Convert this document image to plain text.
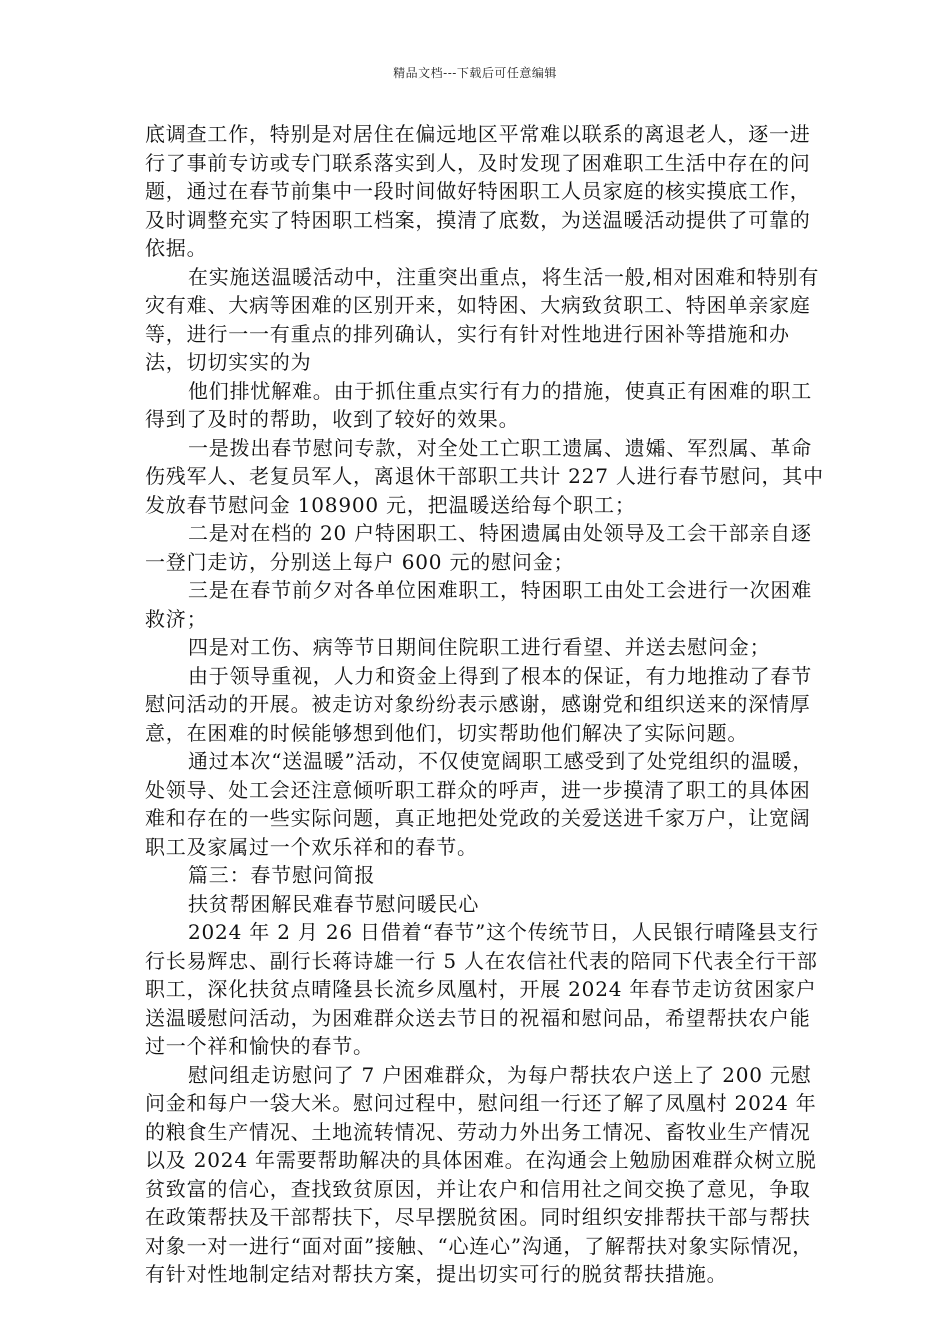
精品文档---下载后可任意编辑

底调查工作，特别是对居住在偏远地区平常难以联系的离退老人，逐一进行了事前专访或专门联系落实到人，及时发现了困难职工生活中存在的问题，通过在春节前集中一段时间做好特困职工人员家庭的核实摸底工作，及时调整充实了特困职工档案，摸清了底数，为送温暖活动提供了可靠的依据。

在实施送温暖活动中，注重突出重点，将生活一般,相对困难和特别有灾有难、大病等困难的区别开来，如特困、大病致贫职工、特困单亲家庭等，进行一一有重点的排列确认，实行有针对性地进行困补等措施和办法，切切实实的为

他们排忧解难。由于抓住重点实行有力的措施，使真正有困难的职工得到了及时的帮助，收到了较好的效果。

一是拨出春节慰问专款，对全处工亡职工遗属、遗孀、军烈属、革命伤残军人、老复员军人，离退休干部职工共计 227 人进行春节慰问，其中发放春节慰问金 108900 元，把温暖送给每个职工；

二是对在档的 20 户特困职工、特困遗属由处领导及工会干部亲自逐一登门走访，分别送上每户 600 元的慰问金；

三是在春节前夕对各单位困难职工，特困职工由处工会进行一次困难救济；

四是对工伤、病等节日期间住院职工进行看望、并送去慰问金；

由于领导重视，人力和资金上得到了根本的保证，有力地推动了春节慰问活动的开展。被走访对象纷纷表示感谢，感谢党和组织送来的深情厚意，在困难的时候能够想到他们，切实帮助他们解决了实际问题。

通过本次“送温暖”活动，不仅使宽阔职工感受到了处党组织的温暖，处领导、处工会还注意倾听职工群众的呼声，进一步摸清了职工的具体困难和存在的一些实际问题，真正地把处党政的关爱送进千家万户，让宽阔职工及家属过一个欢乐祥和的春节。

篇三：春节慰问简报

扶贫帮困解民难春节慰问暖民心

2024 年 2 月 26 日借着“春节”这个传统节日，人民银行晴隆县支行行长易辉忠、副行长蒋诗雄一行 5 人在农信社代表的陪同下代表全行干部职工，深化扶贫点晴隆县长流乡凤凰村，开展 2024 年春节走访贫困家户送温暖慰问活动，为困难群众送去节日的祝福和慰问品，希望帮扶农户能过一个祥和愉快的春节。

慰问组走访慰问了 7 户困难群众，为每户帮扶农户送上了 200 元慰问金和每户一袋大米。慰问过程中，慰问组一行还了解了凤凰村 2024 年的粮食生产情况、土地流转情况、劳动力外出务工情况、畜牧业生产情况以及 2024 年需要帮助解决的具体困难。在沟通会上勉励困难群众树立脱贫致富的信心，查找致贫原因，并让农户和信用社之间交换了意见，争取在政策帮扶及干部帮扶下，尽早摆脱贫困。同时组织安排帮扶干部与帮扶对象一对一进行“面对面”接触、“心连心”沟通，了解帮扶对象实际情况，有针对性地制定结对帮扶方案，提出切实可行的脱贫帮扶措施。
